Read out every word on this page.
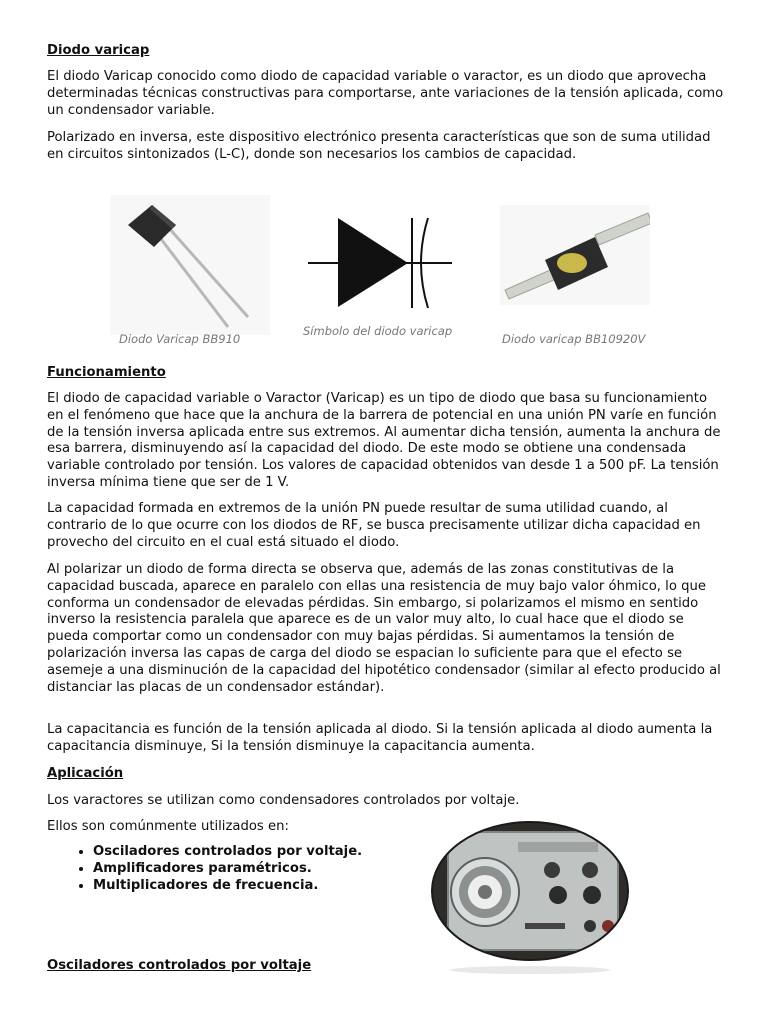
Diodo varicap

El diodo Varicap conocido como diodo de capacidad variable o varactor, es un diodo que aprovecha determinadas técnicas constructivas para comportarse, ante variaciones de la tensión aplicada, como un condensador variable.

Polarizado en inversa, este dispositivo electrónico presenta características que son de suma utilidad en circuitos sintonizados (L-C), donde son necesarios los cambios de capacidad.

Diodo Varicap BB910
Símbolo del diodo varicap
Diodo varicap BB10920V

Funcionamiento

El diodo de capacidad variable o Varactor (Varicap) es un tipo de diodo que basa su funcionamiento en el fenómeno que hace que la anchura de la barrera de potencial en una unión PN varíe en función de la tensión inversa aplicada entre sus extremos. Al aumentar dicha tensión, aumenta la anchura de esa barrera, disminuyendo así la capacidad del diodo. De este modo se obtiene una condensada variable controlado por tensión. Los valores de capacidad obtenidos van desde 1 a 500 pF. La tensión inversa mínima tiene que ser de 1 V.

La capacidad formada en extremos de la unión PN puede resultar de suma utilidad cuando, al contrario de lo que ocurre con los diodos de RF, se busca precisamente utilizar dicha capacidad en provecho del circuito en el cual está situado el diodo.

Al polarizar un diodo de forma directa se observa que, además de las zonas constitutivas de la capacidad buscada, aparece en paralelo con ellas una resistencia de muy bajo valor óhmico, lo que conforma un condensador de elevadas pérdidas. Sin embargo, si polarizamos el mismo en sentido inverso la resistencia paralela que aparece es de un valor muy alto, lo cual hace que el diodo se pueda comportar como un condensador con muy bajas pérdidas. Si aumentamos la tensión de polarización inversa las capas de carga del diodo se espacian lo suficiente para que el efecto se asemeje a una disminución de la capacidad del hipotético condensador (similar al efecto producido al distanciar las placas de un condensador estándar).

La capacitancia es función de la tensión aplicada al diodo. Si la tensión aplicada al diodo aumenta la capacitancia disminuye, Si la tensión disminuye la capacitancia aumenta.

Aplicación

Los varactores se utilizan como condensadores controlados por voltaje.

Ellos son comúnmente utilizados en:

• Osciladores controlados por voltaje.
• Amplificadores paramétricos.
• Multiplicadores de frecuencia.

Osciladores controlados por voltaje
